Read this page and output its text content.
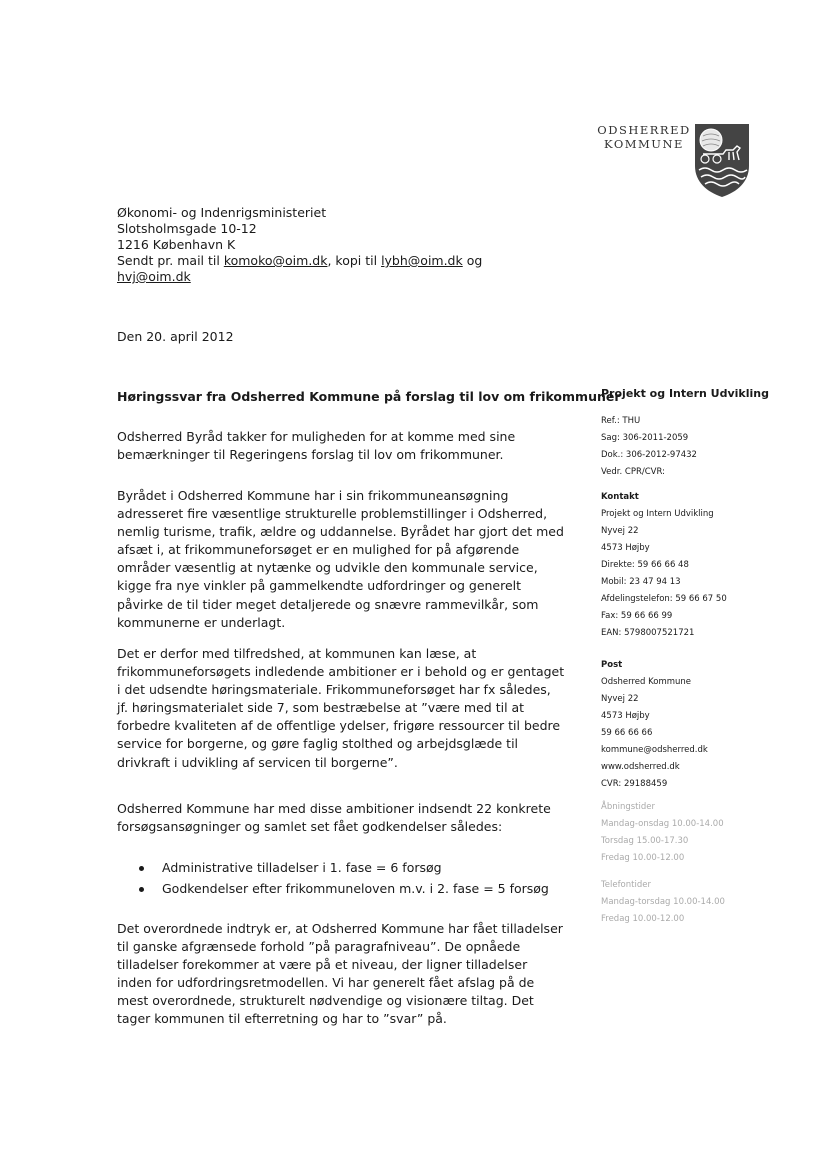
ODSHERRED
KOMMUNE
Økonomi- og Indenrigsministeriet
Slotsholmsgade 10-12
1216 København K
Sendt pr. mail til komoko@oim.dk, kopi til lybh@oim.dk og
hvj@oim.dk
Den 20. april 2012
Høringssvar fra Odsherred Kommune på forslag til lov om frikommuner

Odsherred Byråd takker for muligheden for at komme med sine bemærkninger til Regeringens forslag til lov om frikommuner.

Byrådet i Odsherred Kommune har i sin frikommuneansøgning adresseret fire væsentlige strukturelle problemstillinger i Odsherred, nemlig turisme, trafik, ældre og uddannelse. Byrådet har gjort det med afsæt i, at frikommuneforsøget er en mulighed for på afgørende områder væsentlig at nytænke og udvikle den kommunale service, kigge fra nye vinkler på gammelkendte udfordringer og generelt påvirke de til tider meget detaljerede og snævre rammevilkår, som kommunerne er underlagt.

Det er derfor med tilfredshed, at kommunen kan læse, at frikommuneforsøgets indledende ambitioner er i behold og er gentaget i det udsendte høringsmateriale. Frikommuneforsøget har fx således, jf. høringsmaterialet side 7, som bestræbelse at ”være med til at forbedre kvaliteten af de offentlige ydelser, frigøre ressourcer til bedre service for borgerne, og gøre faglig stolthed og arbejdsglæde til drivkraft i udvikling af servicen til borgerne”.

Odsherred Kommune har med disse ambitioner indsendt 22 konkrete forsøgsansøgninger og samlet set fået godkendelser således:

Administrative tilladelser i 1. fase = 6 forsøg
Godkendelser efter frikommuneloven m.v. i 2. fase = 5 forsøg

Det overordnede indtryk er, at Odsherred Kommune har fået tilladelser til ganske afgrænsede forhold ”på paragrafniveau”. De opnåede tilladelser forekommer at være på et niveau, der ligner tilladelser inden for udfordringsretmodellen. Vi har generelt fået afslag på de mest overordnede, strukturelt nødvendige og visionære tiltag. Det tager kommunen til efterretning og har to ”svar” på.

Projekt og Intern Udvikling
Ref.: THU
Sag: 306-2011-2059
Dok.: 306-2012-97432
Vedr. CPR/CVR:
Kontakt
Projekt og Intern Udvikling
Nyvej 22
4573 Højby
Direkte: 59 66 66 48
Mobil: 23 47 94 13
Afdelingstelefon: 59 66 67 50
Fax: 59 66 66 99
EAN: 5798007521721
Post
Odsherred Kommune
Nyvej 22
4573 Højby
59 66 66 66
kommune@odsherred.dk
www.odsherred.dk
CVR: 29188459
Åbningstider
Mandag-onsdag 10.00-14.00
Torsdag 15.00-17.30
Fredag 10.00-12.00
Telefontider
Mandag-torsdag 10.00-14.00
Fredag 10.00-12.00
